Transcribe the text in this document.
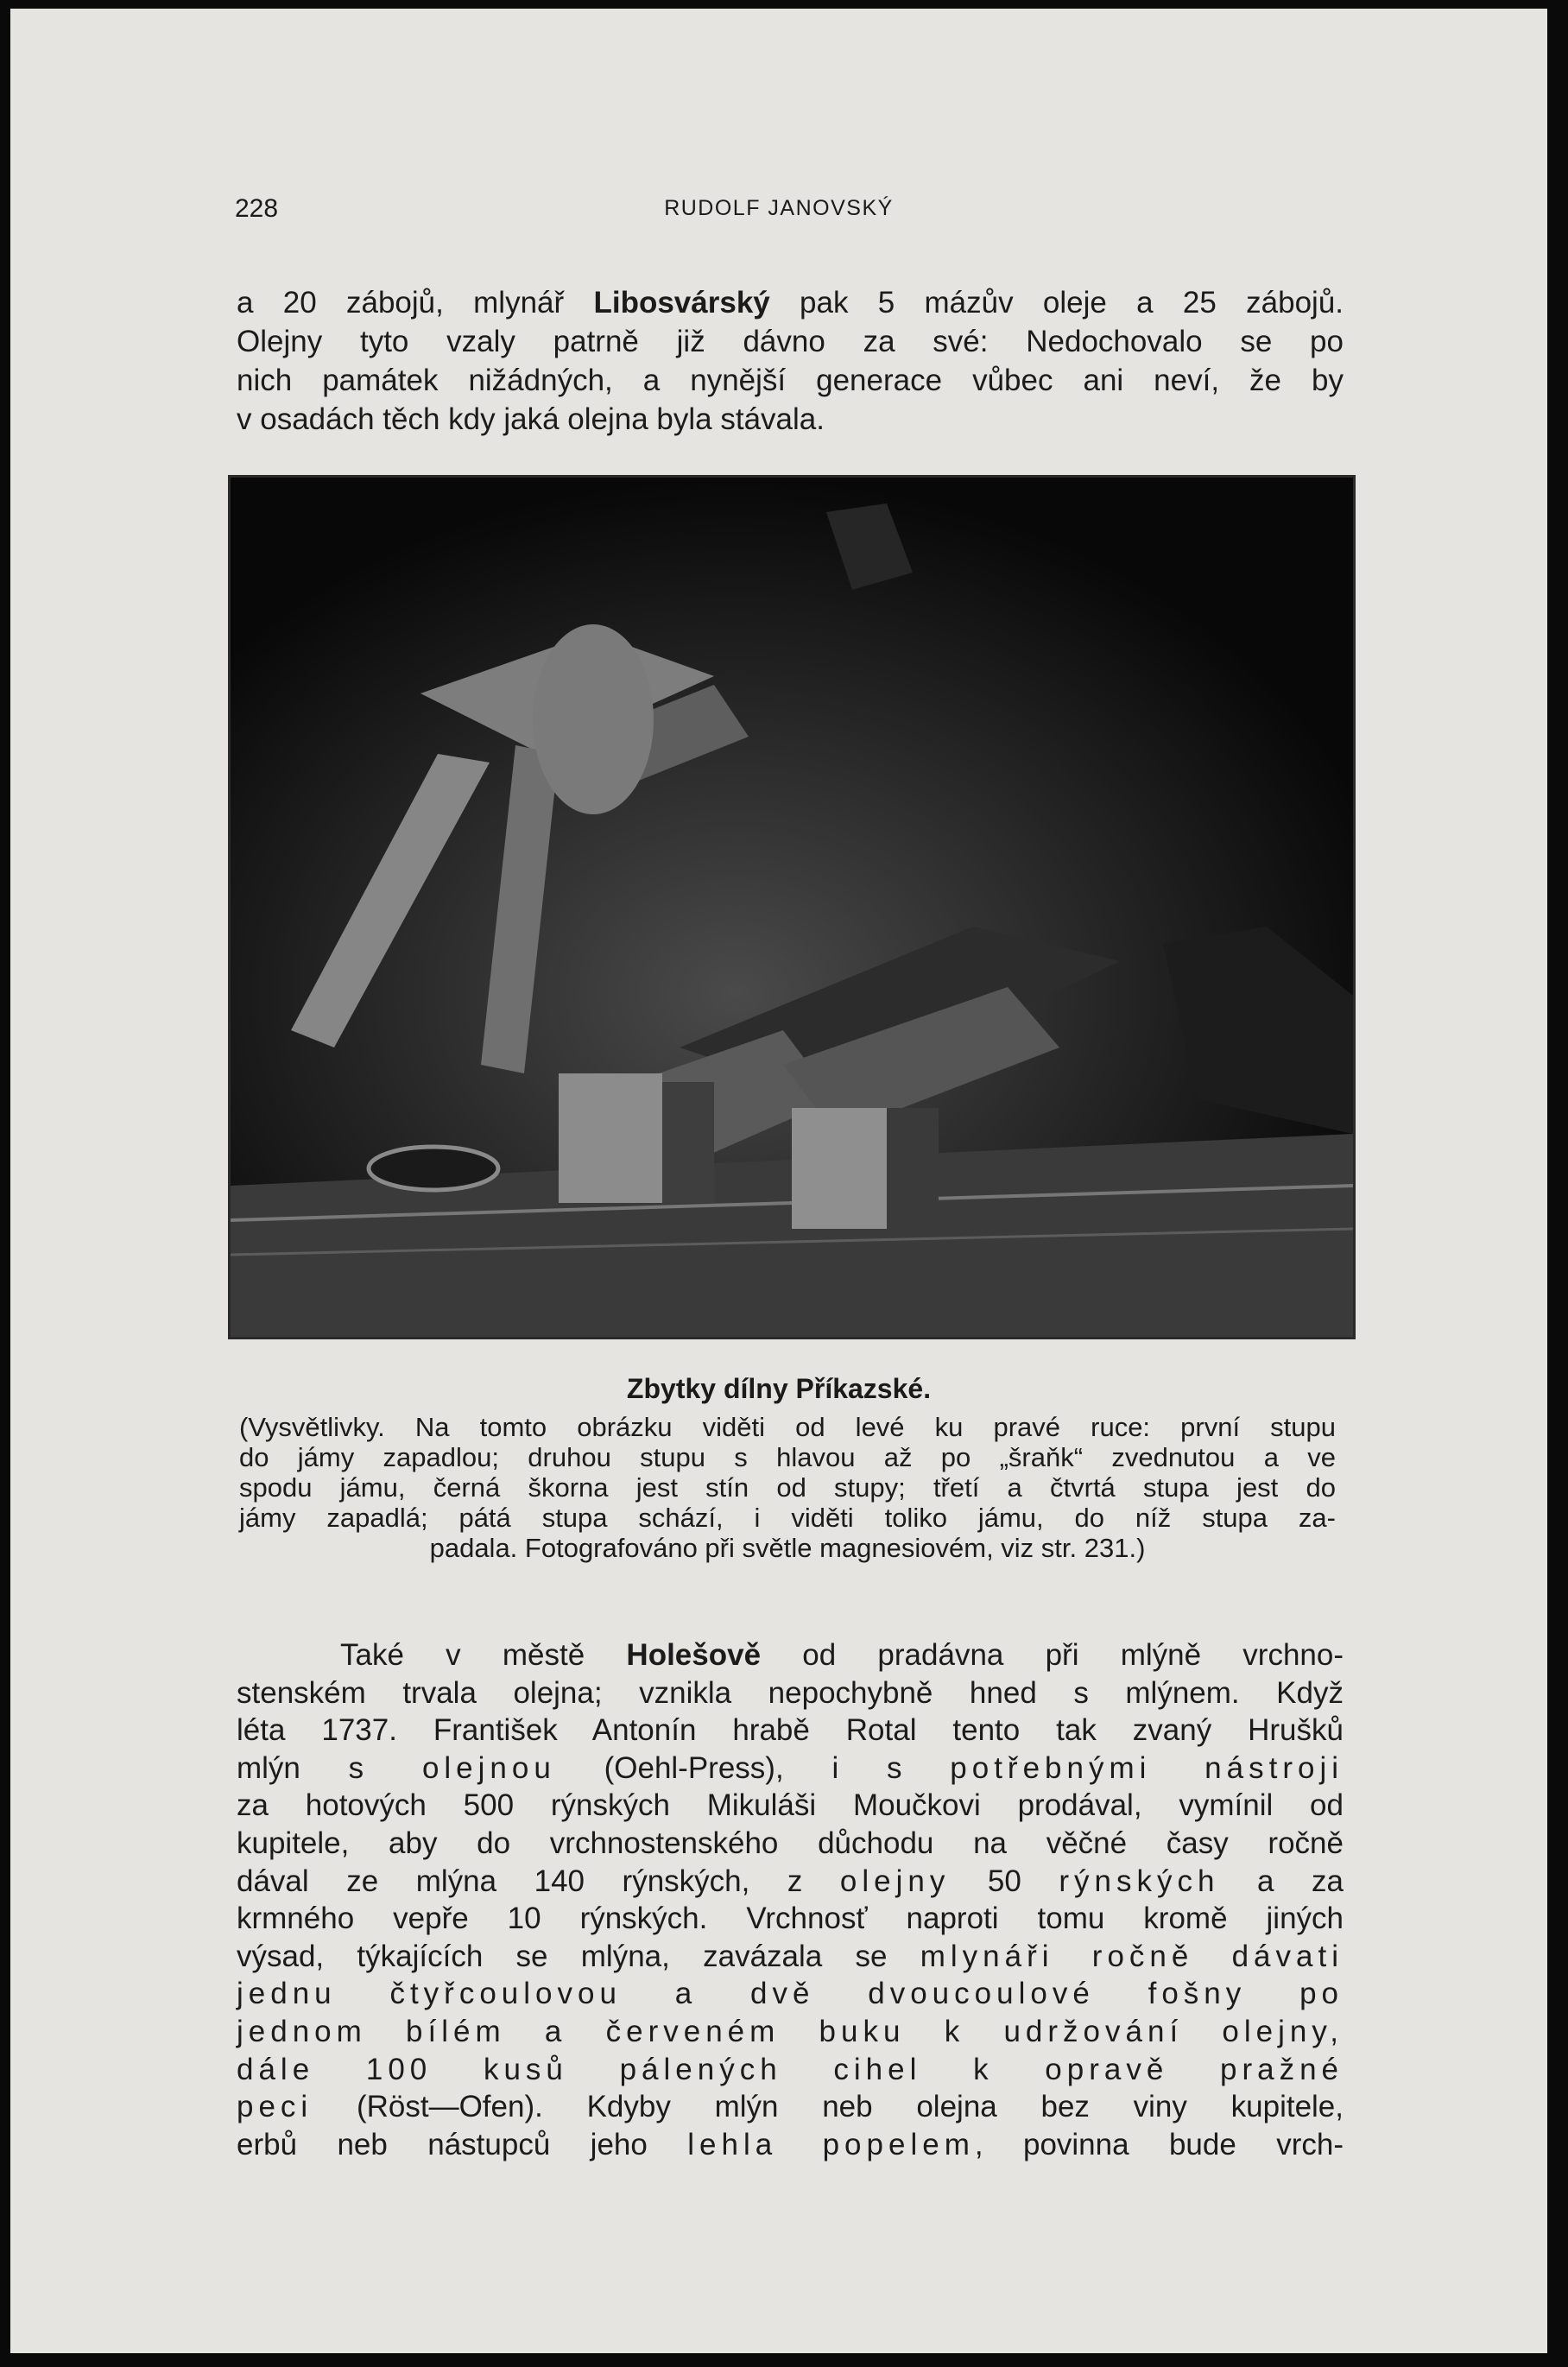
228	RUDOLF JANOVSKÝ
a 20 zábojů, mlynář Libosvárský pak 5 mázův oleje a 25 zábojů.
Olejny tyto vzaly patrně již dávno za své: Nedochovalo se po
nich památek nižádných, a nynější generace vůbec ani neví, že by
v osadách těch kdy jaká olejna byla stávala.
Zbytky dílny Příkazské.
(Vysvětlivky. Na tomto obrázku viděti od levé ku pravé ruce: první stupu
do jámy zapadlou; druhou stupu s hlavou až po „šraňk“ zvednutou a ve
spodu jámu, černá škorna jest stín od stupy; třetí a čtvrtá stupa jest do
jámy zapadlá; pátá stupa schází, i viděti toliko jámu, do níž stupa za-
padala. Fotografováno při světle magnesiovém, viz str. 231.)
Také v městě Holešově od pradávna při mlýně vrchno-
stenském trvala olejna; vznikla nepochybně hned s mlýnem. Když
léta 1737. František Antonín hrabě Rotal tento tak zvaný Hrušků
mlýn s olejnou (Oehl-Press), i s potřebnými nástroji
za hotových 500 rýnských Mikuláši Moučkovi prodával, vymínil od
kupitele, aby do vrchnostenského důchodu na věčné časy ročně
dával ze mlýna 140 rýnských, z olejny 50 rýnských a za
krmného vepře 10 rýnských. Vrchnosť naproti tomu kromě jiných
výsad, týkajících se mlýna, zavázala se mlynáři ročně dávati
jednu čtyřcoulovou a dvě dvoucoulové fošny po
jednom bílém a červeném buku k udržování olejny,
dále 100 kusů pálených cihel k opravě pražné
peci (Röst—Ofen). Kdyby mlýn neb olejna bez viny kupitele,
erbů neb nástupců jeho lehla popelem, povinna bude vrch-
